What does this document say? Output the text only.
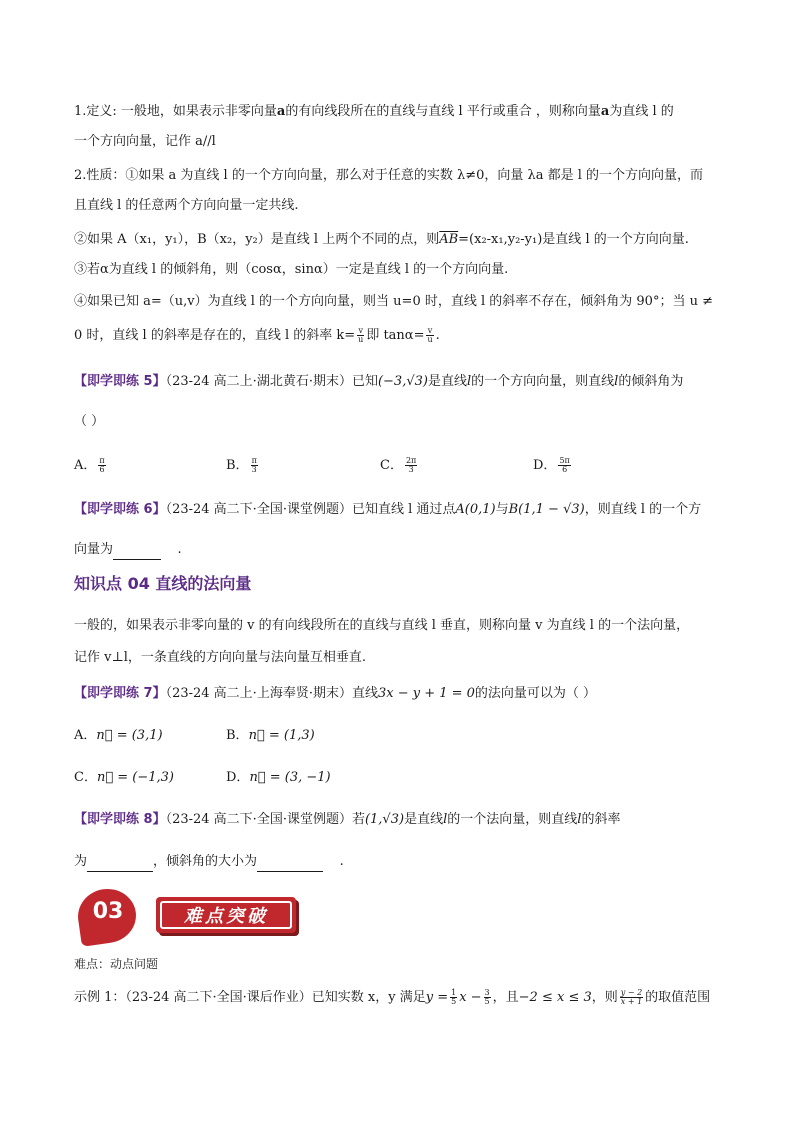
1.定义: 一般地，如果表示非零向量a的有向线段所在的直线与直线 l 平行或重合 ，则称向量a为直线 l 的
一个方向向量，记作 a//l
2.性质：①如果 a 为直线 l 的一个方向向量，那么对于任意的实数 λ≠0，向量 λa 都是 l 的一个方向向量，而
且直线 l 的任意两个方向向量一定共线.
②如果 A（x₁，y₁），B（x₂，y₂）是直线 l 上两个不同的点，则$\overline{AB}=(x_2-x_1,y_2-y_1)$是直线 l 的一个方向向量.
③若α为直线 l 的倾斜角，则（cosα，sinα）一定是直线 l 的一个方向向量.
④如果已知 a=（u,v）为直线 l 的一个方向向量，则当 u=0 时，直线 l 的斜率不存在，倾斜角为 90°；当 u ≠
0 时，直线 l 的斜率是存在的，直线 l 的斜率 $k= \frac{v}{u}$ 即 $\tan\alpha= \frac{v}{u}$ .
【即学即练 5】（23-24 高二上·湖北黄石·期末）已知(−3,√3)是直线l的一个方向向量，则直线l的倾斜角为
（ ）
A． $\frac{\pi}{6}$	B． $\frac{\pi}{3}$	C． $\frac{2\pi}{3}$	D． $\frac{5\pi}{6}$
【即学即练 6】（23-24 高二下·全国·课堂例题）已知直线 l 通过点A(0,1)与B(1,1 − √3)，则直线 l 的一个方
向量为	.
知识点 04 直线的法向量
一般的，如果表示非零向量的 v 的有向线段所在的直线与直线 l 垂直，则称向量 v 为直线 l 的一个法向量，
记作 v⊥l，一条直线的方向向量与法向量互相垂直.
【即学即练 7】（23-24 高二上·上海奉贤·期末）直线3x − y + 1 = 0的法向量可以为（ ）
A．n⃗ = (3,1)	B．n⃗ = (1,3)
C．n⃗ = (−1,3)	D．n⃗ = (3, −1)
【即学即练 8】（23-24 高二下·全国·课堂例题）若(1,√3)是直线l的一个法向量，则直线l的斜率
为	，倾斜角的大小为	.
03	难点突破
难点：动点问题
示例 1：（23-24 高二下·全国·课后作业）已知实数 x，y 满足$y = \frac{1}{5}$ $x - \frac{3}{5}$ ，且−2 ≤ x ≤ 3，则 $\frac{y - 2}{x + 1}$ 的取值范围
